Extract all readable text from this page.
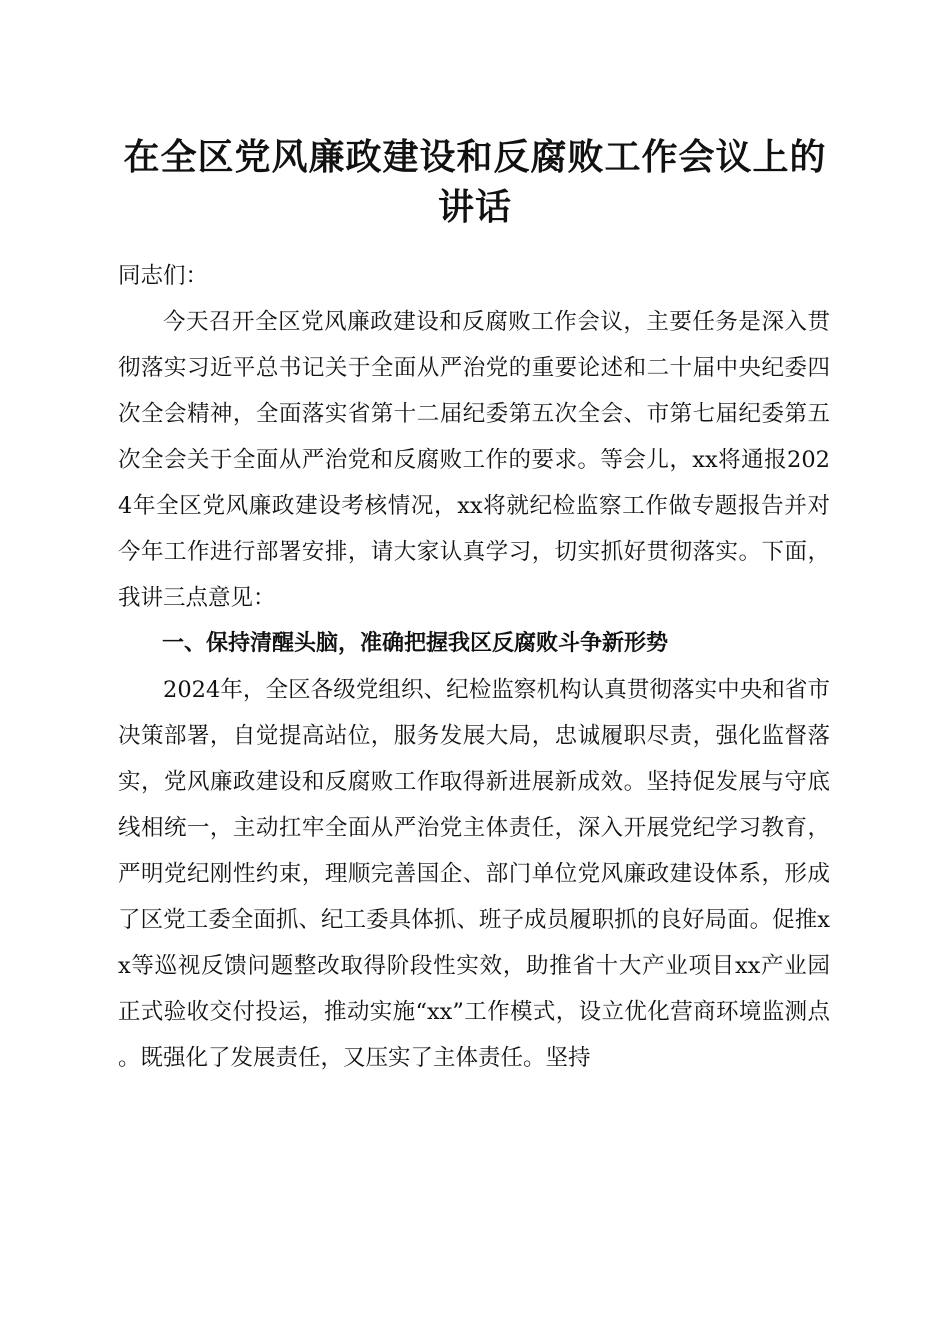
在全区党风廉政建设和反腐败工作会议上的讲话

同志们：

今天召开全区党风廉政建设和反腐败工作会议，主要任务是深入贯彻落实习近平总书记关于全面从严治党的重要论述和二十届中央纪委四次全会精神，全面落实省第十二届纪委第五次全会、市第七届纪委第五次全会关于全面从严治党和反腐败工作的要求。等会儿，xx将通报2024年全区党风廉政建设考核情况，xx将就纪检监察工作做专题报告并对今年工作进行部署安排，请大家认真学习，切实抓好贯彻落实。下面，我讲三点意见：

一、保持清醒头脑，准确把握我区反腐败斗争新形势

2024年，全区各级党组织、纪检监察机构认真贯彻落实中央和省市决策部署，自觉提高站位，服务发展大局，忠诚履职尽责，强化监督落实，党风廉政建设和反腐败工作取得新进展新成效。坚持促发展与守底线相统一，主动扛牢全面从严治党主体责任，深入开展党纪学习教育，严明党纪刚性约束，理顺完善国企、部门单位党风廉政建设体系，形成了区党工委全面抓、纪工委具体抓、班子成员履职抓的良好局面。促推xx等巡视反馈问题整改取得阶段性实效，助推省十大产业项目xx产业园正式验收交付投运，推动实施“xx”工作模式，设立优化营商环境监测点。既强化了发展责任，又压实了主体责任。坚持
